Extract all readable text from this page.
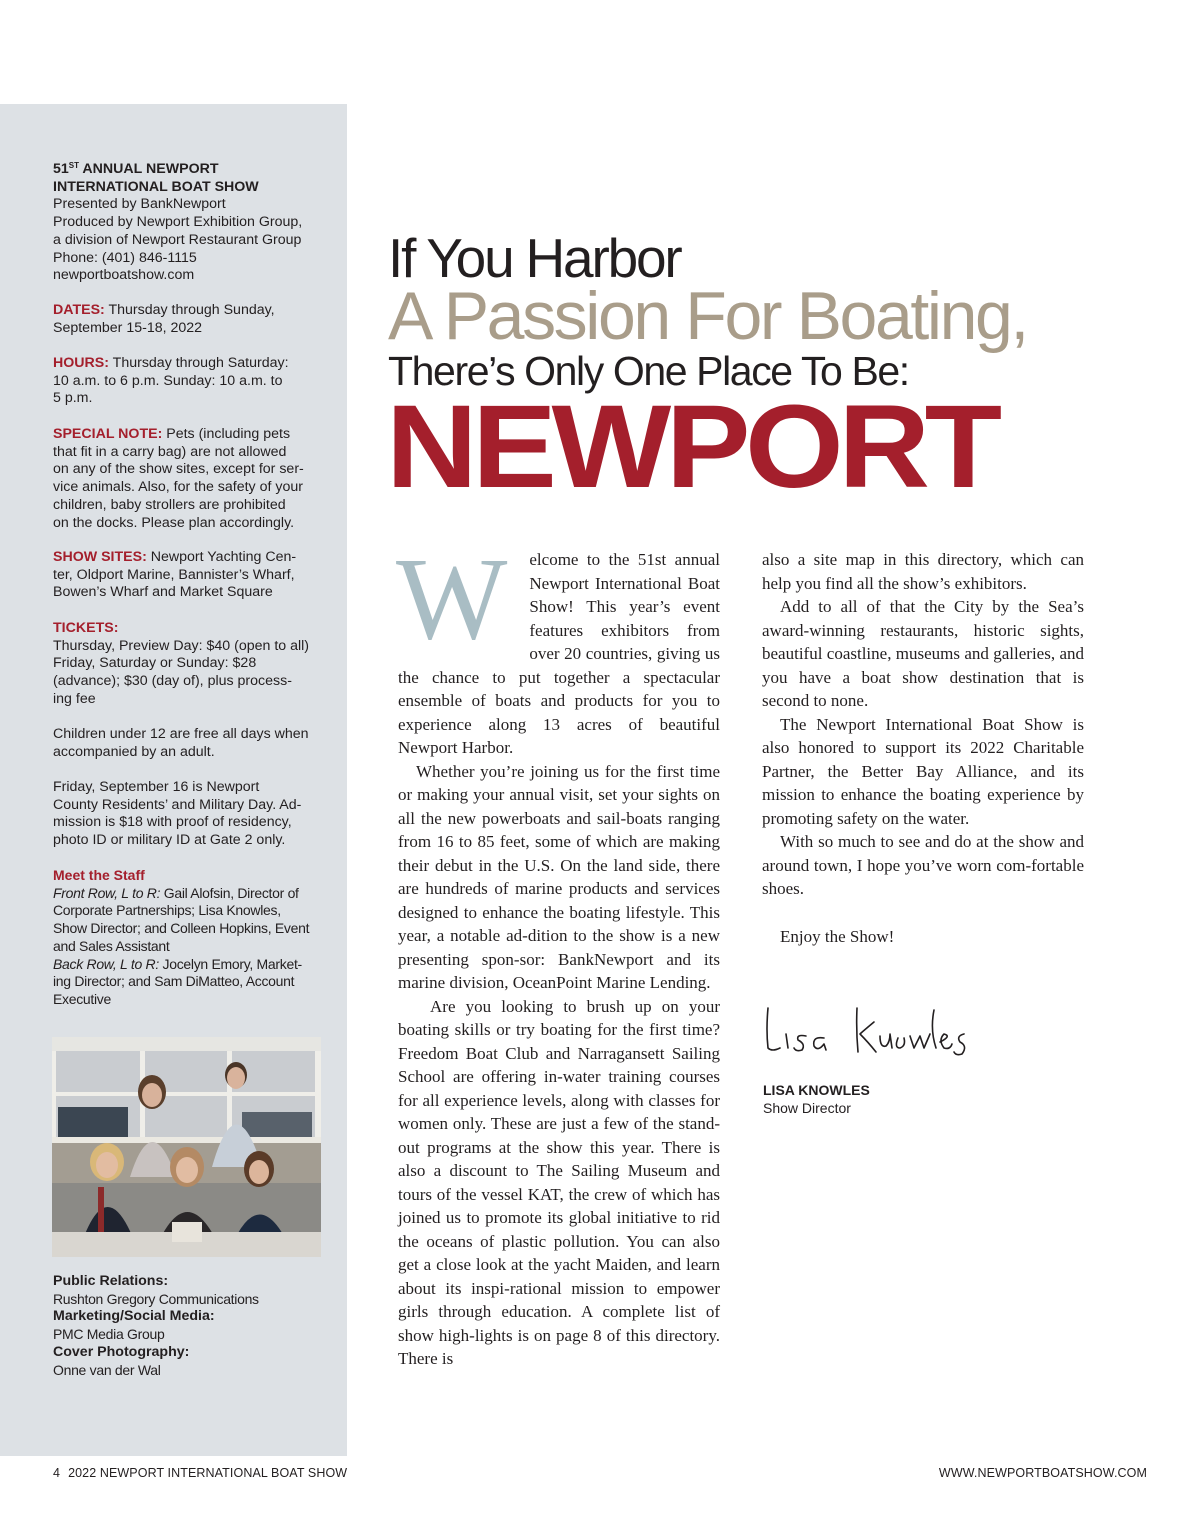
51ST ANNUAL NEWPORT
INTERNATIONAL BOAT SHOW
Presented by BankNewport
Produced by Newport Exhibition Group,
a division of Newport Restaurant Group
Phone: (401) 846-1115
newportboatshow.com
DATES: Thursday through Sunday,
September 15-18, 2022
HOURS: Thursday through Saturday:
10 a.m. to 6 p.m. Sunday: 10 a.m. to
5 p.m.
SPECIAL NOTE: Pets (including pets
that fit in a carry bag) are not allowed
on any of the show sites, except for ser-
vice animals. Also, for the safety of your
children, baby strollers are prohibited
on the docks. Please plan accordingly.
SHOW SITES: Newport Yachting Cen-
ter, Oldport Marine, Bannister’s Wharf,
Bowen’s Wharf and Market Square
TICKETS:
Thursday, Preview Day: $40 (open to all)
Friday, Saturday or Sunday: $28
(advance); $30 (day of), plus process-
ing fee
Children under 12 are free all days when
accompanied by an adult.
Friday, September 16 is Newport
County Residents’ and Military Day. Ad-
mission is $18 with proof of residency,
photo ID or military ID at Gate 2 only.
Meet the Staff
Front Row, L to R: Gail Alofsin, Director of
Corporate Partnerships; Lisa Knowles,
Show Director; and Colleen Hopkins, Event
and Sales Assistant
Back Row, L to R: Jocelyn Emory, Market-
ing Director; and Sam DiMatteo, Account
Executive
Public Relations:
Rushton Gregory Communications
Marketing/Social Media:
PMC Media Group
Cover Photography:
Onne van der Wal
If You Harbor
A Passion For Boating,
There’s Only One Place To Be:
NEWPORT
W	elcome to the 51st annual Newport International Boat Show! This year’s event features exhibitors from over 20 countries, giving us the chance to put together a spectacular ensemble of boats and products for you to experience along 13 acres of beautiful Newport Harbor.

Whether you’re joining us for the first time or making your annual visit, set your sights on all the new powerboats and sail-boats ranging from 16 to 85 feet, some of which are making their debut in the U.S. On the land side, there are hundreds of marine products and services designed to enhance the boating lifestyle. This year, a notable ad-dition to the show is a new presenting spon-sor: BankNewport and its marine division, OceanPoint Marine Lending.

Are you looking to brush up on your boating skills or try boating for the first time? Freedom Boat Club and Narragansett Sailing School are offering in-water training courses for all experience levels, along with classes for women only. These are just a few of the stand-out programs at the show this year. There is also a discount to The Sailing Museum and tours of the vessel KAT, the crew of which has joined us to promote its global initiative to rid the oceans of plastic pollution. You can also get a close look at the yacht Maiden, and learn about its inspi-rational mission to empower girls through education. A complete list of show high-lights is on page 8 of this directory. There is

also a site map in this directory, which can help you find all the show’s exhibitors.

Add to all of that the City by the Sea’s award-winning restaurants, historic sights, beautiful coastline, museums and galleries, and you have a boat show destination that is second to none.

The Newport International Boat Show is also honored to support its 2022 Charitable Partner, the Better Bay Alliance, and its mission to enhance the boating experience by promoting safety on the water.

With so much to see and do at the show and around town, I hope you’ve worn com-fortable shoes.

Enjoy the Show!

LISA KNOWLES
Show Director
4 2022 NEWPORT INTERNATIONAL BOAT SHOW	WWW.NEWPORTBOATSHOW.COM
